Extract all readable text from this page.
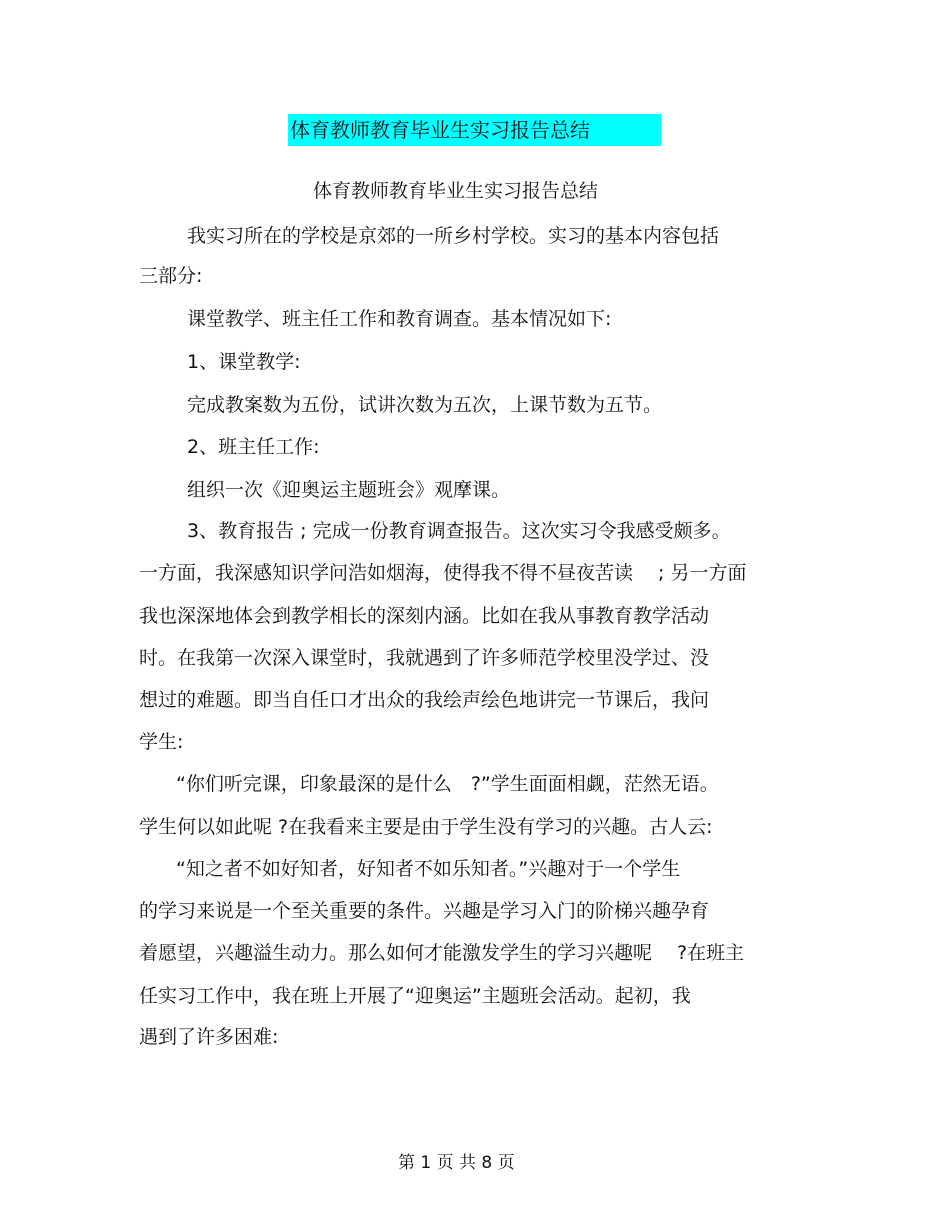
体育教师教育毕业生实习报告总结
体育教师教育毕业生实习报告总结
我实习所在的学校是京郊的一所乡村学校。实习的基本内容包括
三部分:
课堂教学、班主任工作和教育调查。基本情况如下:
1、课堂教学:
完成教案数为五份，试讲次数为五次，上课节数为五节。
2、班主任工作:
组织一次《迎奥运主题班会》观摩课。
3、教育报告 ; 完成一份教育调查报告。这次实习令我感受颇多。
一方面，我深感知识学问浩如烟海，使得我不得不昼夜苦读　 ; 另一方面
我也深深地体会到教学相长的深刻内涵。比如在我从事教育教学活动
时。在我第一次深入课堂时，我就遇到了许多师范学校里没学过、没
想过的难题。即当自任口才出众的我绘声绘色地讲完一节课后，我问
学生:
“你们听完课，印象最深的是什么　?”学生面面相觑，茫然无语。
学生何以如此呢 ?在我看来主要是由于学生没有学习的兴趣。古人云:
“知之者不如好知者，好知者不如乐知者。”兴趣对于一个学生
的学习来说是一个至关重要的条件。兴趣是学习入门的阶梯兴趣孕育
着愿望，兴趣溢生动力。那么如何才能激发学生的学习兴趣呢　 ?在班主
任实习工作中，我在班上开展了“迎奥运”主题班会活动。起初，我
遇到了许多困难:
第 1 页 共 8 页
